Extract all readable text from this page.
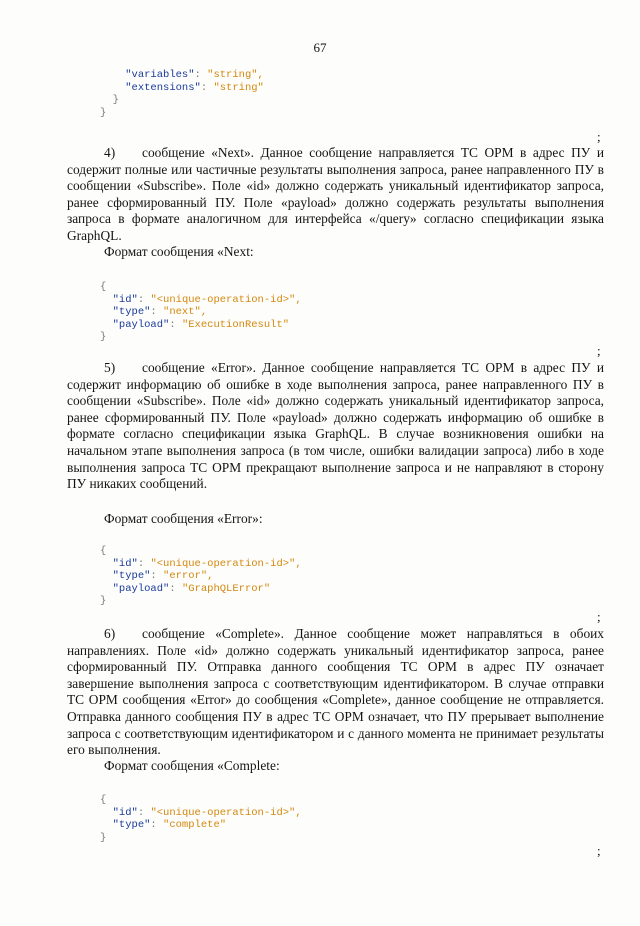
67
"variables": "string",
"extensions": "string"
}
}
;

4) сообщение «Next». Данное сообщение направляется ТС ОРМ в адрес ПУ и содержит полные или частичные результаты выполнения запроса, ранее направленного ПУ в сообщении «Subscribe». Поле «id» должно содержать уникальный идентификатор запроса, ранее сформированный ПУ. Поле «payload» должно содержать результаты выполнения запроса в формате аналогичном для интерфейса «/query» согласно спецификации языка GraphQL.

Формат сообщения «Next:

{
"id": "<unique-operation-id>",
"type": "next",
"payload": "ExecutionResult"
}
;

5) сообщение «Error». Данное сообщение направляется ТС ОРМ в адрес ПУ и содержит информацию об ошибке в ходе выполнения запроса, ранее направленного ПУ в сообщении «Subscribe». Поле «id» должно содержать уникальный идентификатор запроса, ранее сформированный ПУ. Поле «payload» должно содержать информацию об ошибке в формате согласно спецификации языка GraphQL. В случае возникновения ошибки на начальном этапе выполнения запроса (в том числе, ошибки валидации запроса) либо в ходе выполнения запроса ТС ОРМ прекращают выполнение запроса и не направляют в сторону ПУ никаких сообщений.

Формат сообщения «Error»:

{
"id": "<unique-operation-id>",
"type": "error",
"payload": "GraphQLError"
}
;

6) сообщение «Complete». Данное сообщение может направляться в обоих направлениях. Поле «id» должно содержать уникальный идентификатор запроса, ранее сформированный ПУ. Отправка данного сообщения ТС ОРМ в адрес ПУ означает завершение выполнения запроса с соответствующим идентификатором. В случае отправки ТС ОРМ сообщения «Error» до сообщения «Complete», данное сообщение не отправляется. Отправка данного сообщения ПУ в адрес ТС ОРМ означает, что ПУ прерывает выполнение запроса с соответствующим идентификатором и с данного момента не принимает результаты его выполнения.

Формат сообщения «Complete:

{
"id": "<unique-operation-id>",
"type": "complete"
}
;
